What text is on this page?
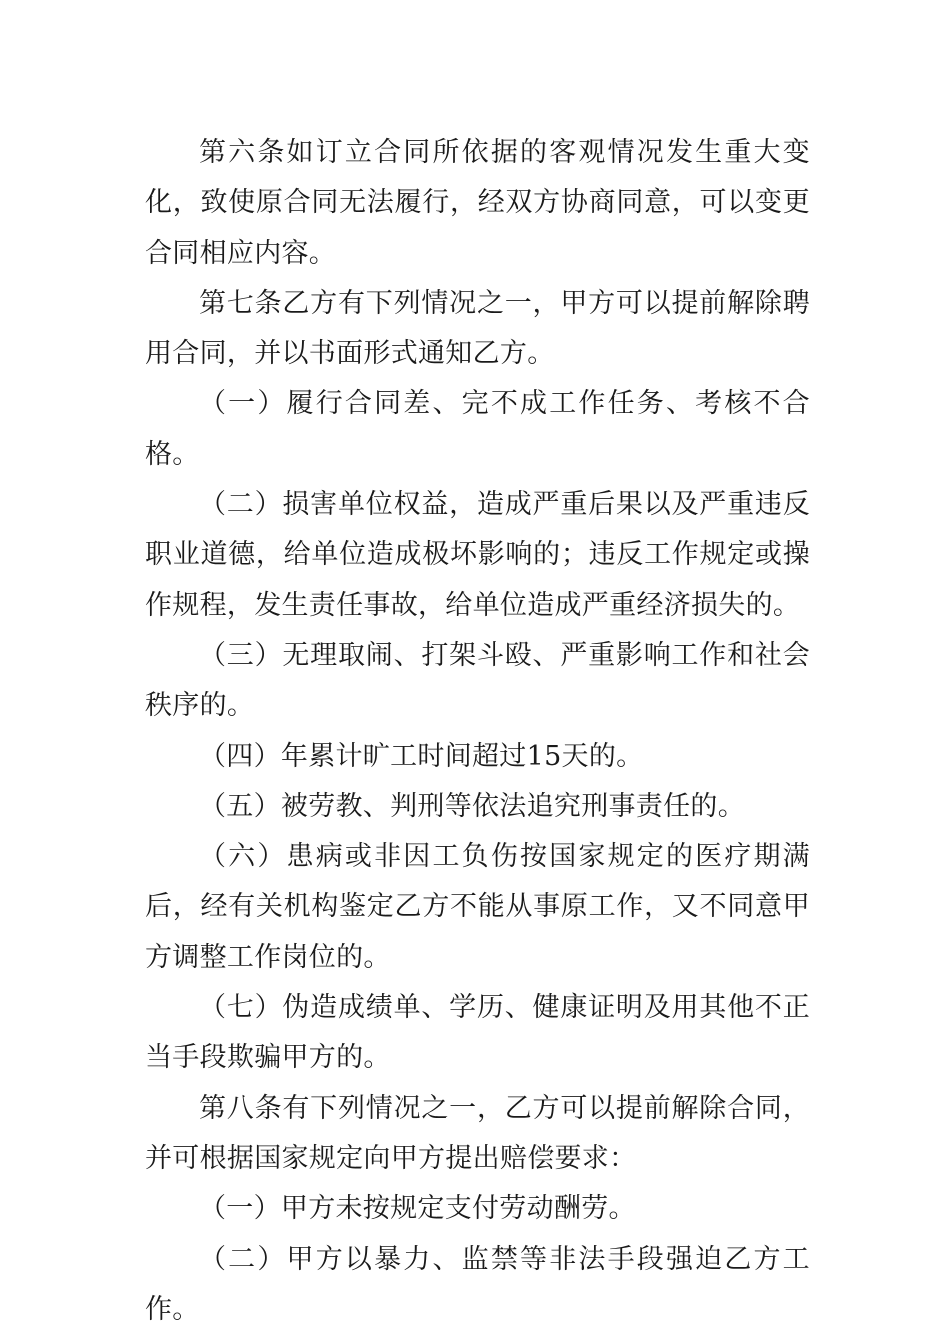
第六条如订立合同所依据的客观情况发生重大变化，致使原合同无法履行，经双方协商同意，可以变更合同相应内容。

第七条乙方有下列情况之一，甲方可以提前解除聘用合同，并以书面形式通知乙方。

（一）履行合同差、完不成工作任务、考核不合格。

（二）损害单位权益，造成严重后果以及严重违反职业道德，给单位造成极坏影响的；违反工作规定或操作规程，发生责任事故，给单位造成严重经济损失的。

（三）无理取闹、打架斗殴、严重影响工作和社会秩序的。

（四）年累计旷工时间超过15天的。

（五）被劳教、判刑等依法追究刑事责任的。

（六）患病或非因工负伤按国家规定的医疗期满后，经有关机构鉴定乙方不能从事原工作，又不同意甲方调整工作岗位的。

（七）伪造成绩单、学历、健康证明及用其他不正当手段欺骗甲方的。

第八条有下列情况之一，乙方可以提前解除合同，并可根据国家规定向甲方提出赔偿要求：

（一）甲方未按规定支付劳动酬劳。

（二）甲方以暴力、监禁等非法手段强迫乙方工作。
